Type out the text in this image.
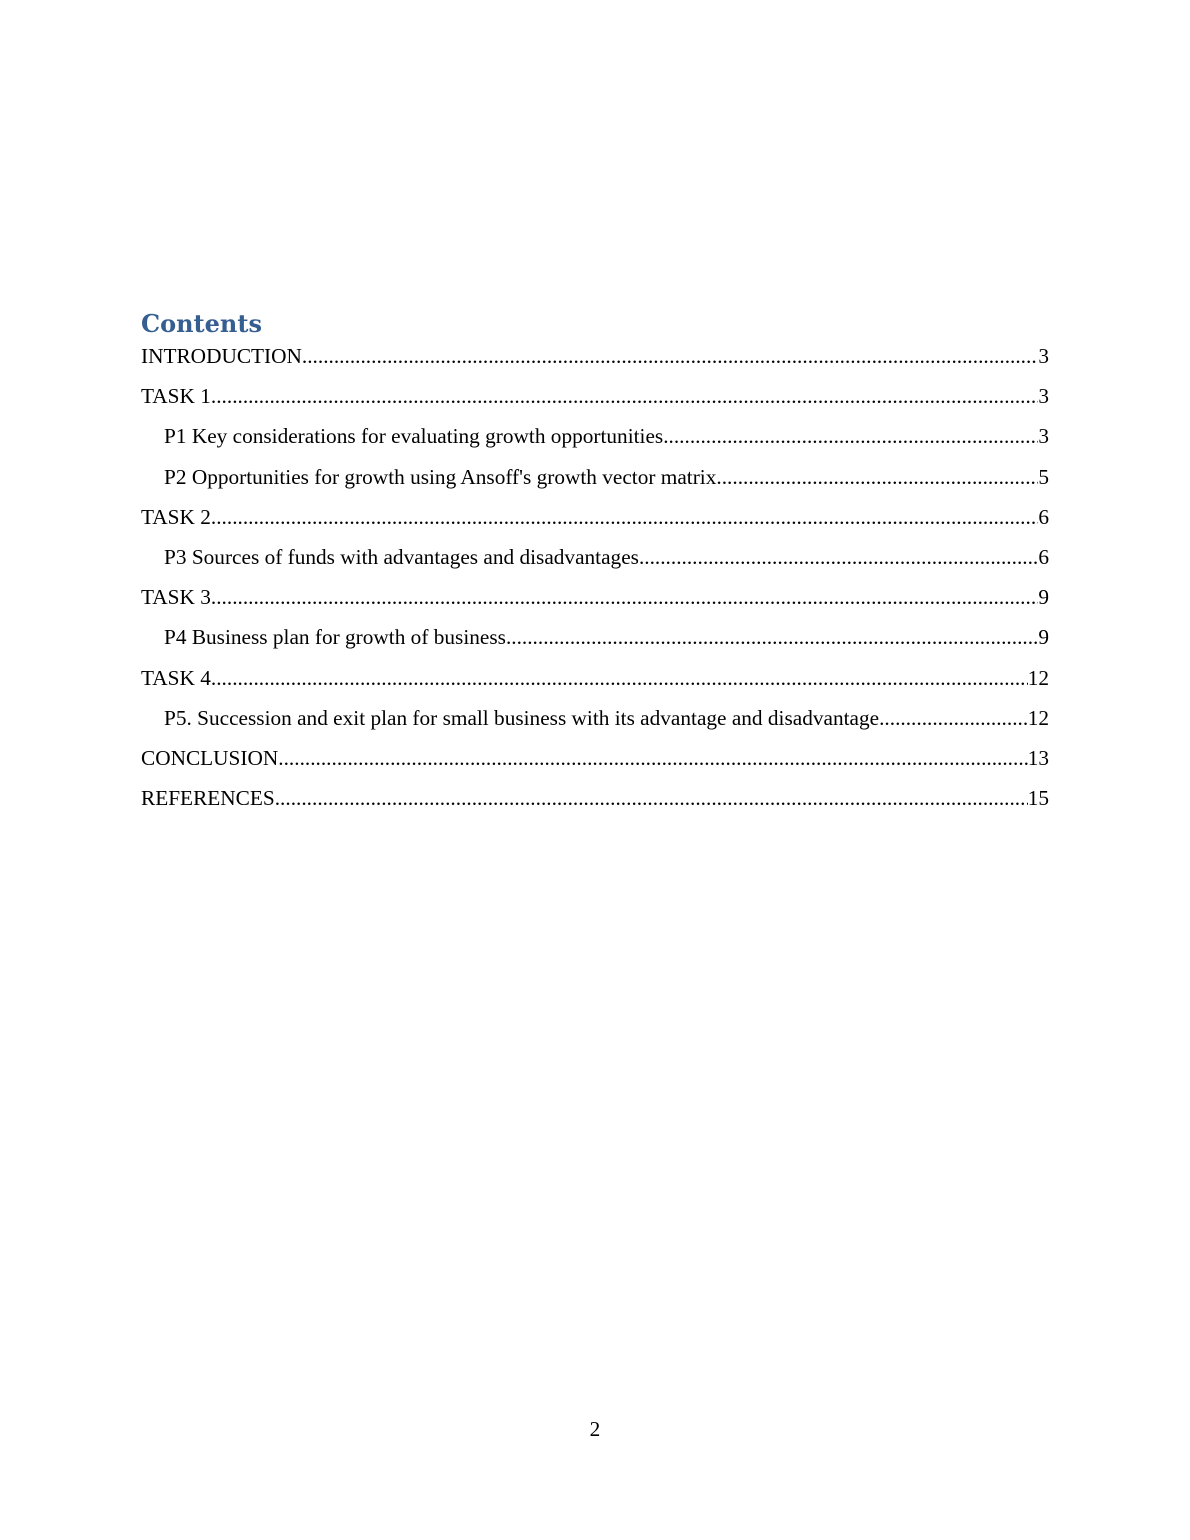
Contents
INTRODUCTION .....	3
TASK 1 .....	3
P1 Key considerations for evaluating growth opportunities .....	3
P2 Opportunities for growth using Ansoff's growth vector matrix .....	5
TASK 2 .....	6
P3 Sources of funds with advantages and disadvantages .....	6
TASK 3 .....	9
P4 Business plan for growth of business .....	9
TASK 4 .....	12
P5. Succession and exit plan for small business with its advantage and disadvantage .....	12
CONCLUSION .....	13
REFERENCES .....	15
2
